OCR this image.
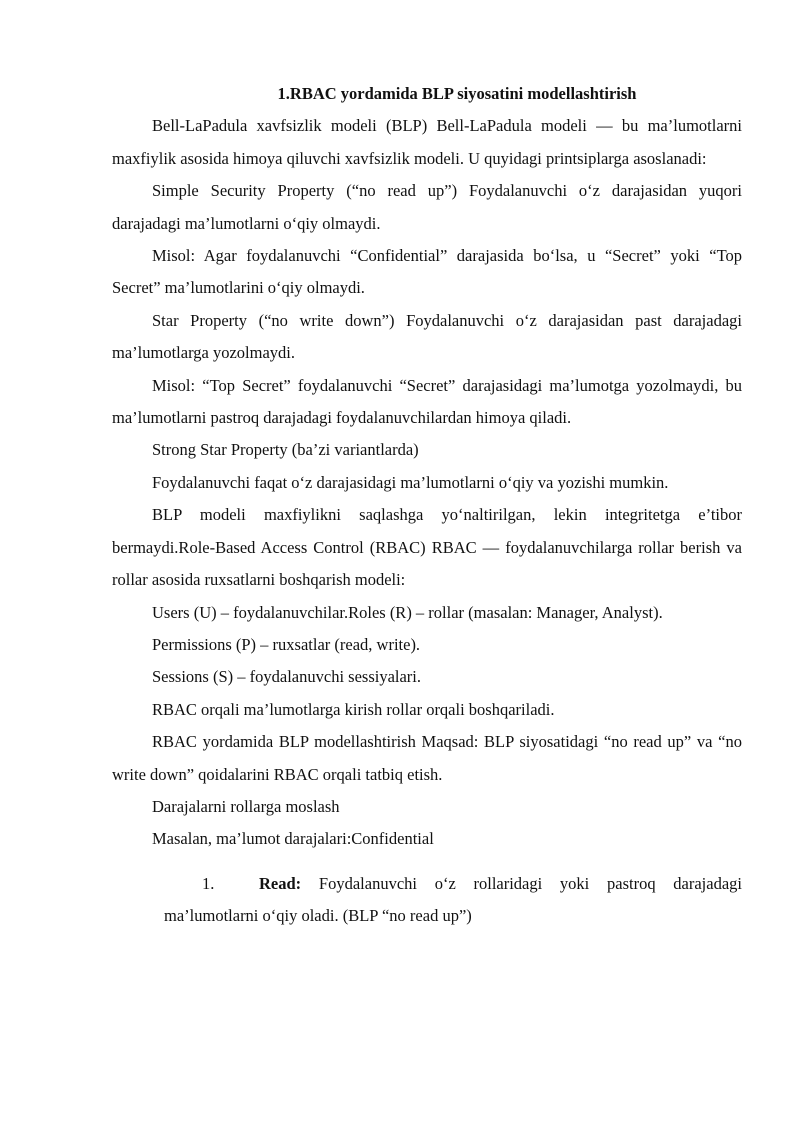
1.RBAC yordamida BLP siyosatini modellashtirish

Bell-LaPadula xavfsizlik modeli (BLP) Bell-LaPadula modeli — bu ma’lumotlarni maxfiylik asosida himoya qiluvchi xavfsizlik modeli. U quyidagi printsiplarga asoslanadi:

Simple Security Property (“no read up”) Foydalanuvchi o‘z darajasidan yuqori darajadagi ma’lumotlarni o‘qiy olmaydi.

Misol: Agar foydalanuvchi “Confidential” darajasida bo‘lsa, u “Secret” yoki “Top Secret” ma’lumotlarini o‘qiy olmaydi.

Star Property (“no write down”) Foydalanuvchi o‘z darajasidan past darajadagi ma’lumotlarga yozolmaydi.

Misol: “Top Secret” foydalanuvchi “Secret” darajasidagi ma’lumotga yozolmaydi, bu ma’lumotlarni pastroq darajadagi foydalanuvchilardan himoya qiladi.

Strong Star Property (ba’zi variantlarda)

Foydalanuvchi faqat o‘z darajasidagi ma’lumotlarni o‘qiy va yozishi mumkin.

BLP modeli maxfiylikni saqlashga yo‘naltirilgan, lekin integritetga e’tibor bermaydi.Role-Based Access Control (RBAC) RBAC — foydalanuvchilarga rollar berish va rollar asosida ruxsatlarni boshqarish modeli:

Users (U) – foydalanuvchilar.Roles (R) – rollar (masalan: Manager, Analyst).

Permissions (P) – ruxsatlar (read, write).

Sessions (S) – foydalanuvchi sessiyalari.

RBAC orqali ma’lumotlarga kirish rollar orqali boshqariladi.

RBAC yordamida BLP modellashtirish Maqsad: BLP siyosatidagi “no read up” va “no write down” qoidalarini RBAC orqali tatbiq etish.

Darajalarni rollarga moslash

Masalan, ma’lumot darajalari:Confidential

1.	Read: Foydalanuvchi o‘z rollaridagi yoki pastroq darajadagi ma’lumotlarni o‘qiy oladi. (BLP “no read up”)
